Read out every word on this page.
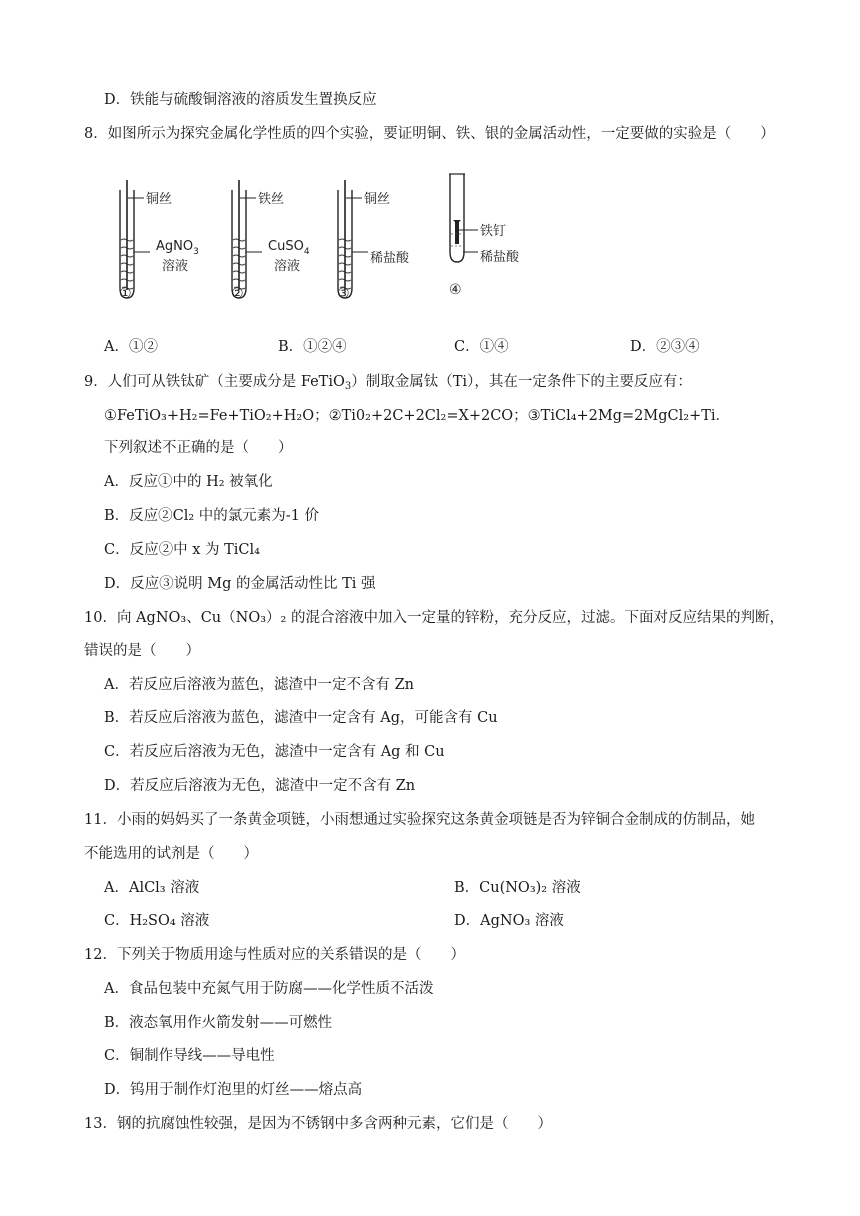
D．铁能与硫酸铜溶液的溶质发生置换反应
8．如图所示为探究金属化学性质的四个实验，要证明铜、铁、银的金属活动性，一定要做的实验是（　　）
铜丝
AgNO$_3$
溶液
①
铁丝
CuSO$_4$
溶液
②
铜丝
稀盐酸
③
铁钉
稀盐酸
④
A．①②	B．①②④	C．①④	D．②③④
9．人们可从铁钛矿（主要成分是 FeTiO$_3$）制取金属钛（Ti），其在一定条件下的主要反应有：
①FeTiO₃+H₂=Fe+TiO₂+H₂O；②Ti0₂+2C+2Cl₂=X+2CO；③TiCl₄+2Mg=2MgCl₂+Ti．
下列叙述不正确的是（　　）
A．反应①中的 H₂ 被氧化
B．反应②Cl₂ 中的氯元素为-1 价
C．反应②中 x 为 TiCl₄
D．反应③说明 Mg 的金属活动性比 Ti 强
10．向 AgNO₃、Cu（NO₃）₂ 的混合溶液中加入一定量的锌粉，充分反应，过滤。下面对反应结果的判断，
错误的是（　　）
A．若反应后溶液为蓝色，滤渣中一定不含有 Zn
B．若反应后溶液为蓝色，滤渣中一定含有 Ag，可能含有 Cu
C．若反应后溶液为无色，滤渣中一定含有 Ag 和 Cu
D．若反应后溶液为无色，滤渣中一定不含有 Zn
11．小雨的妈妈买了一条黄金项链，小雨想通过实验探究这条黄金项链是否为锌铜合金制成的仿制品，她
不能选用的试剂是（　　）
A．AlCl₃ 溶液	B．Cu(NO₃)₂ 溶液
C．H₂SO₄ 溶液	D．AgNO₃ 溶液
12．下列关于物质用途与性质对应的关系错误的是（　　）
A．食品包装中充氮气用于防腐——化学性质不活泼
B．液态氧用作火箭发射——可燃性
C．铜制作导线——导电性
D．钨用于制作灯泡里的灯丝——熔点高
13．钢的抗腐蚀性较强，是因为不锈钢中多含两种元素，它们是（　　）
